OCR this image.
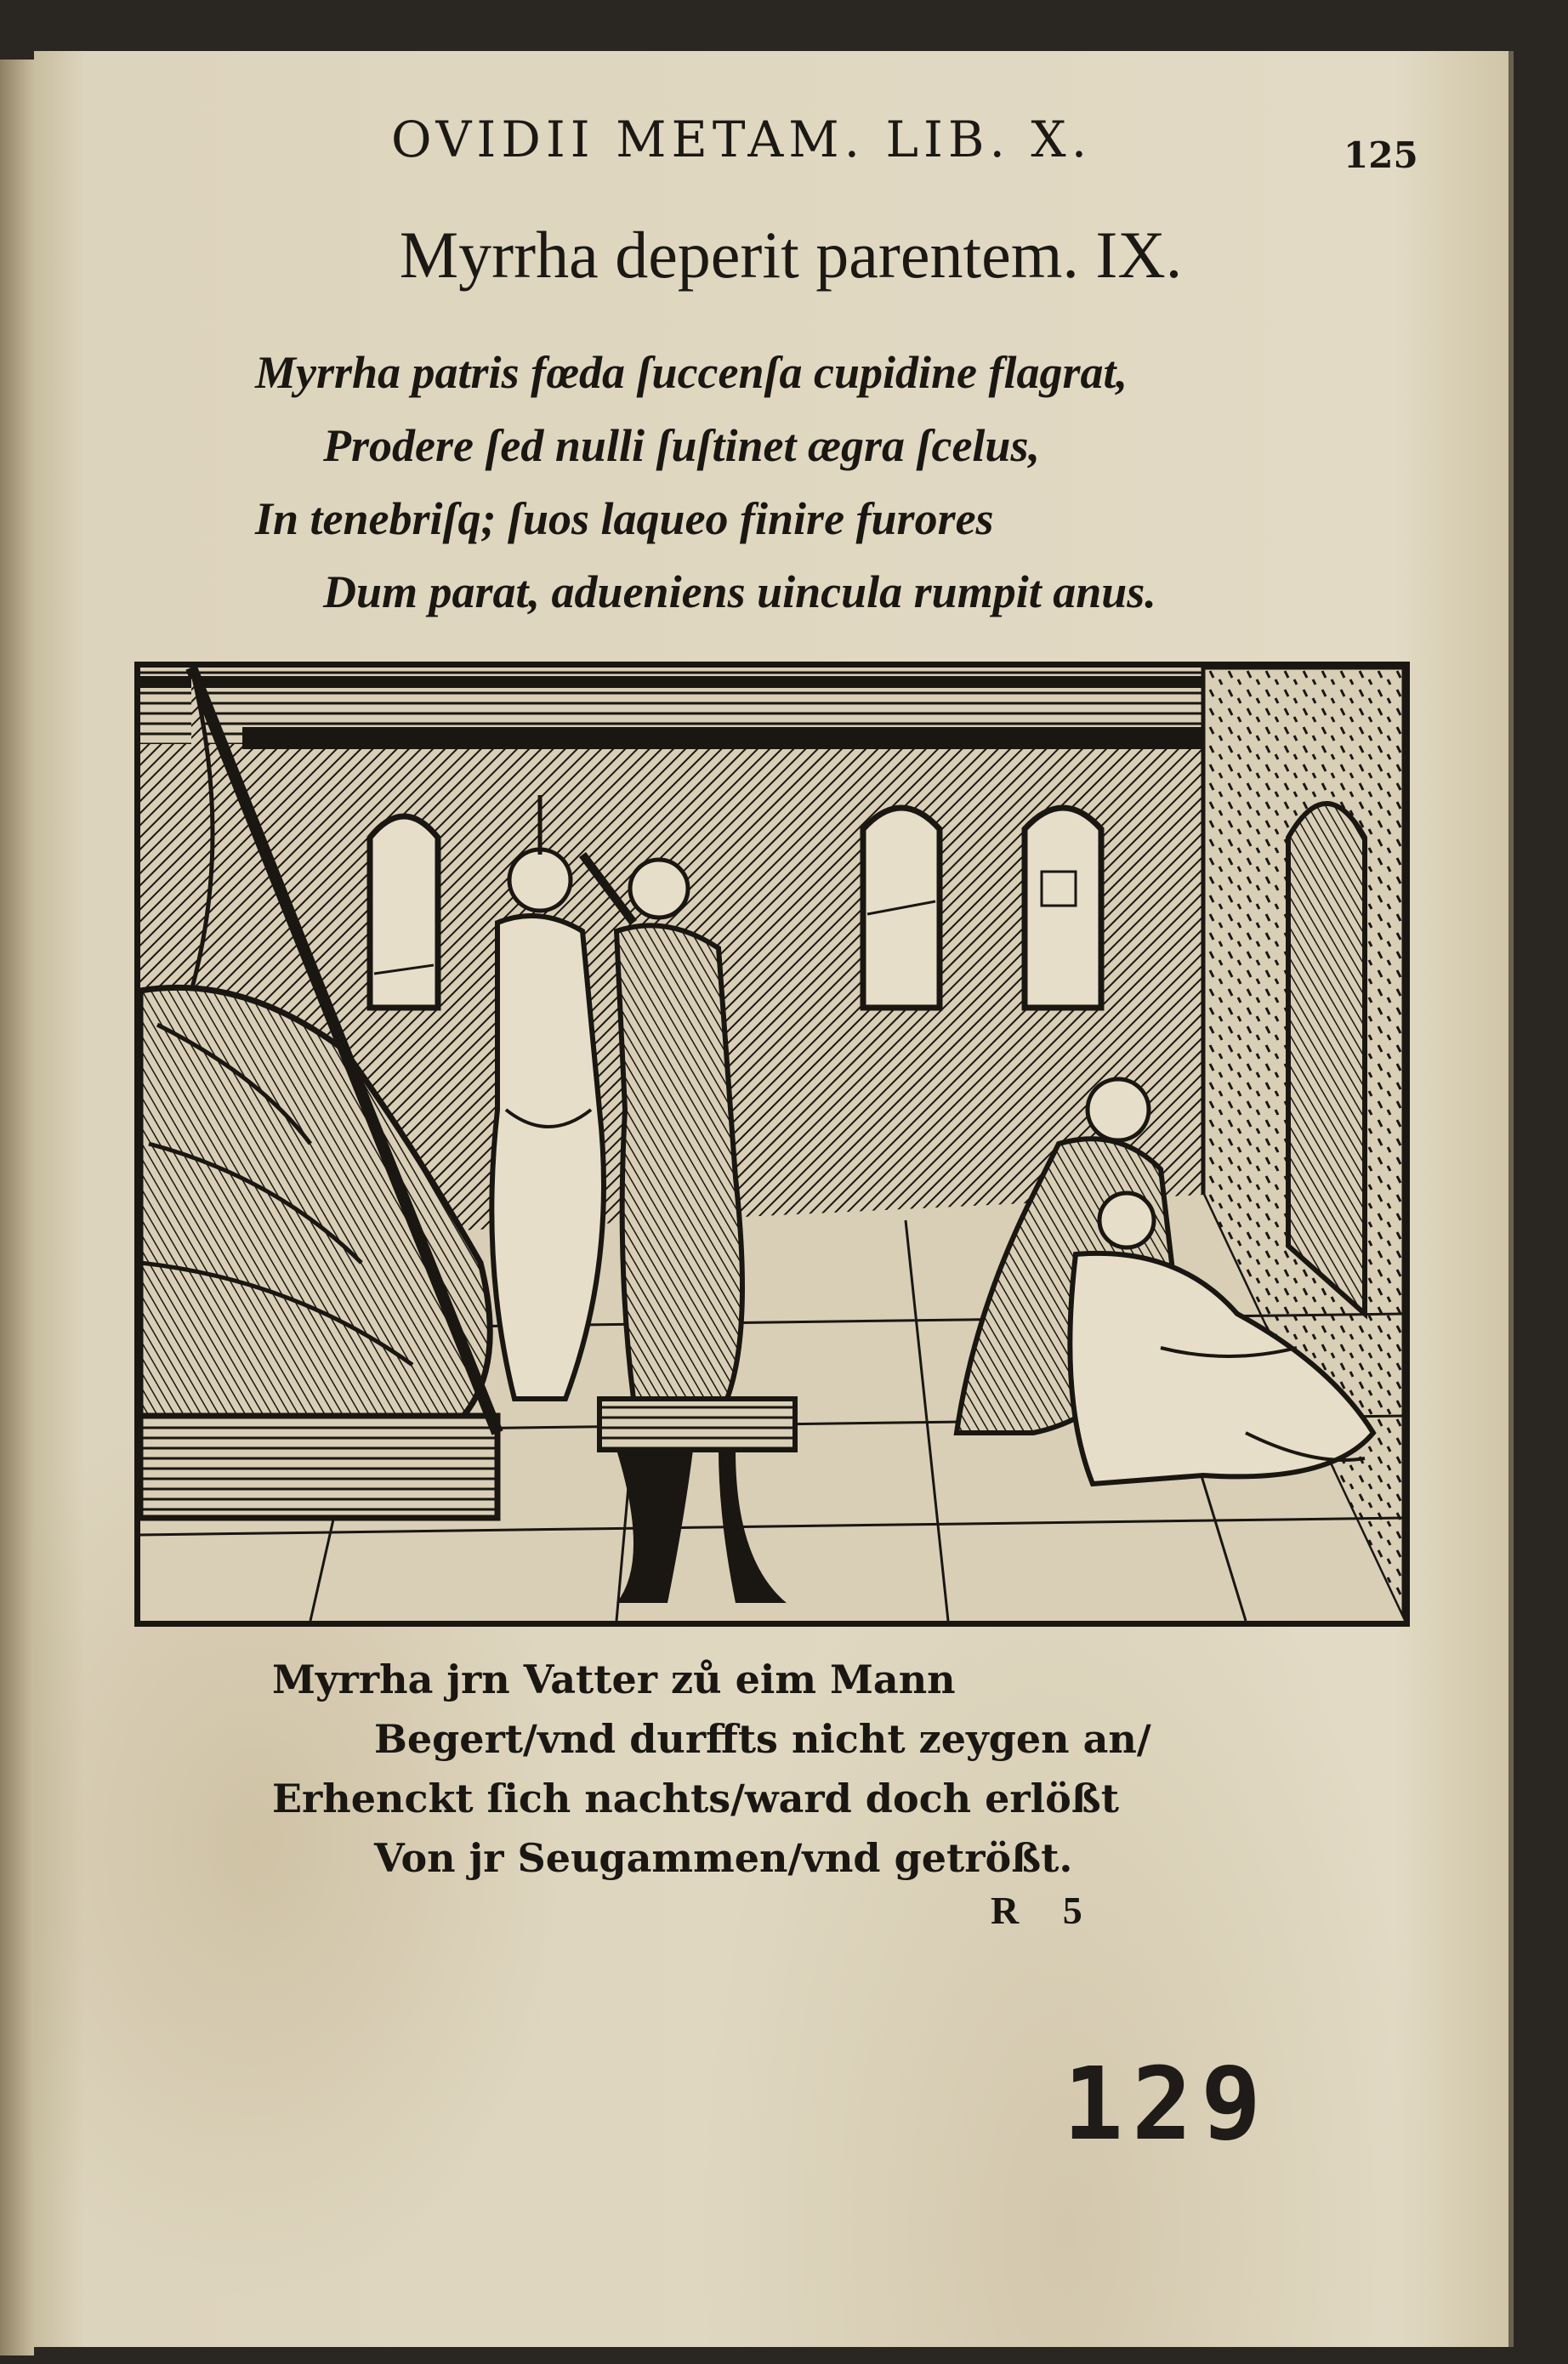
OVIDII METAM. LIB. X.	125
Myrrha deperit parentem. IX.
Myrrha patris fœda ſuccenſa cupidine flagrat,
Prodere ſed nulli ſuſtinet ægra ſcelus,
In tenebriſq; ſuos laqueo finire furores
Dum parat, adueniens uincula rumpit anus.
Myrrha jrn Vatter zů eim Mann
Begert/vnd durffts nicht zeygen an/
Erhenckt ſich nachts/ward doch erlößt
Von jr Seugammen/vnd getrößt.
R 5
129
